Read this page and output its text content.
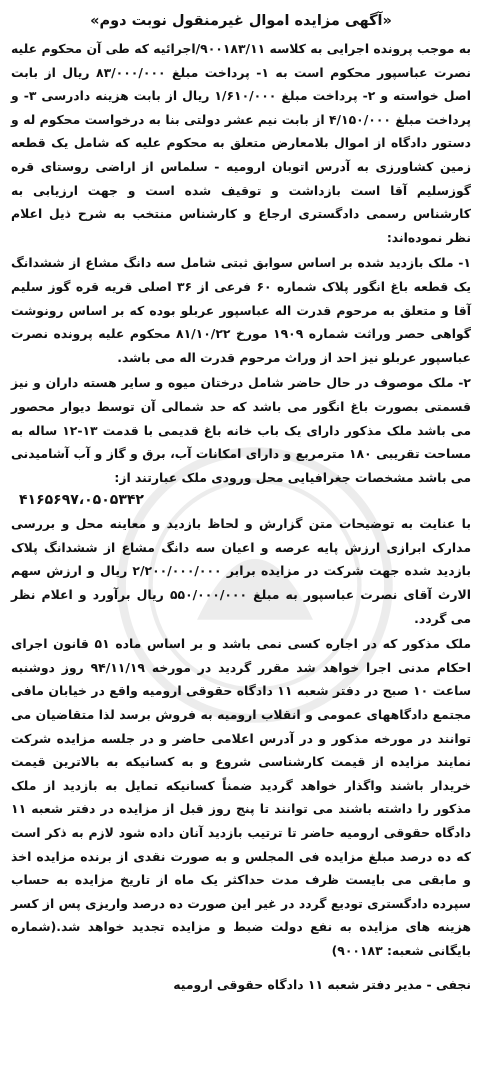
«آگهی مزایده اموال غیرمنقول نوبت دوم»

به موجب پرونده اجرایی به کلاسه ۹۰۰۱۸۳/۱۱/اجرائیه که طی آن محکوم علیه نصرت عباسپور محکوم است به ۱- پرداخت مبلغ ۸۳/۰۰۰/۰۰۰ ریال از بابت اصل خواسته و ۲- پرداخت مبلغ ۱/۶۱۰/۰۰۰ ریال از بابت هزینه دادرسی ۳- و پرداخت مبلغ ۴/۱۵۰/۰۰۰ از بابت نیم عشر دولتی بنا به درخواست محکوم له و دستور دادگاه از اموال بلامعارض متعلق به محکوم علیه که شامل یک قطعه زمین کشاورزی به آدرس اتوبان ارومیه - سلماس از اراضی روستای قره گوزسلیم آقا است بازداشت و توقیف شده است و جهت ارزیابی به کارشناس رسمی دادگستری ارجاع و کارشناس منتخب به شرح ذیل اعلام نظر نموده‌اند:

۱- ملک بازدید شده بر اساس سوابق ثبتی شامل سه دانگ مشاع از ششدانگ یک قطعه باغ انگور پلاک شماره ۶۰ فرعی از ۳۶ اصلی قریه قره گوز سلیم آقا و متعلق به مرحوم قدرت اله عباسپور عربلو بوده که بر اساس رونوشت گواهی حصر وراثت شماره ۱۹۰۹ مورخ ۸۱/۱۰/۲۲ محکوم علیه پرونده نصرت عباسپور عربلو نیز احد از وراث مرحوم قدرت اله می باشد.

۲- ملک موصوف در حال حاضر شامل درختان میوه و سایر هسته داران و نیز قسمتی بصورت باغ انگور می باشد که حد شمالی آن توسط دیوار محصور می باشد ملک مذکور دارای یک باب خانه باغ قدیمی با قدمت ۱۳-۱۲ ساله به مساحت تقریبی ۱۸۰ مترمربع و دارای امکانات آب، برق و گاز و آب آشامیدنی می باشد مشخصات جغرافیایی محل ورودی ملک عبارتند از:

۴۱۶۵۶۹۷،۰۵۰۵۳۴۲

با عنایت به توضیحات متن گزارش و لحاظ بازدید و معاینه محل و بررسی مدارک ابرازی ارزش پایه عرصه و اعیان سه دانگ مشاع از ششدانگ پلاک بازدید شده جهت شرکت در مزایده برابر ۲/۲۰۰/۰۰۰/۰۰۰ ریال و ارزش سهم الارث آقای نصرت عباسپور به مبلغ ۵۵۰/۰۰۰/۰۰۰ ریال برآورد و اعلام نظر می گردد.

ملک مذکور که در اجاره کسی نمی باشد و بر اساس ماده ۵۱ قانون اجرای احکام مدنی اجرا خواهد شد مقرر گردید در مورخه ۹۴/۱۱/۱۹ روز دوشنبه ساعت ۱۰ صبح در دفتر شعبه ۱۱ دادگاه حقوقی ارومیه واقع در خیابان مافی مجتمع دادگاههای عمومی و انقلاب ارومیه به فروش برسد لذا متقاضیان می توانند در مورخه مذکور و در آدرس اعلامی حاضر و در جلسه مزایده شرکت نمایند مزایده از قیمت کارشناسی شروع و به کسانیکه به بالاترین قیمت خریدار باشند واگذار خواهد گردید ضمناً کسانیکه تمایل به بازدید از ملک مذکور را داشته باشند می توانند تا پنج روز قبل از مزایده در دفتر شعبه ۱۱ دادگاه حقوقی ارومیه حاضر تا ترتیب بازدید آنان داده شود لازم به ذکر است که ده درصد مبلغ مزایده فی المجلس و به صورت نقدی از برنده مزایده اخذ و مابقی می بایست ظرف مدت حداکثر یک ماه از تاریخ مزایده به حساب سپرده دادگستری تودیع گردد در غیر این صورت ده درصد واریزی پس از کسر هزینه های مزایده به نفع دولت ضبط و مزایده تجدید خواهد شد.(شماره بایگانی شعبه: ۹۰۰۱۸۳)

نجفی - مدیر دفتر شعبه ۱۱ دادگاه حقوقی ارومیه
